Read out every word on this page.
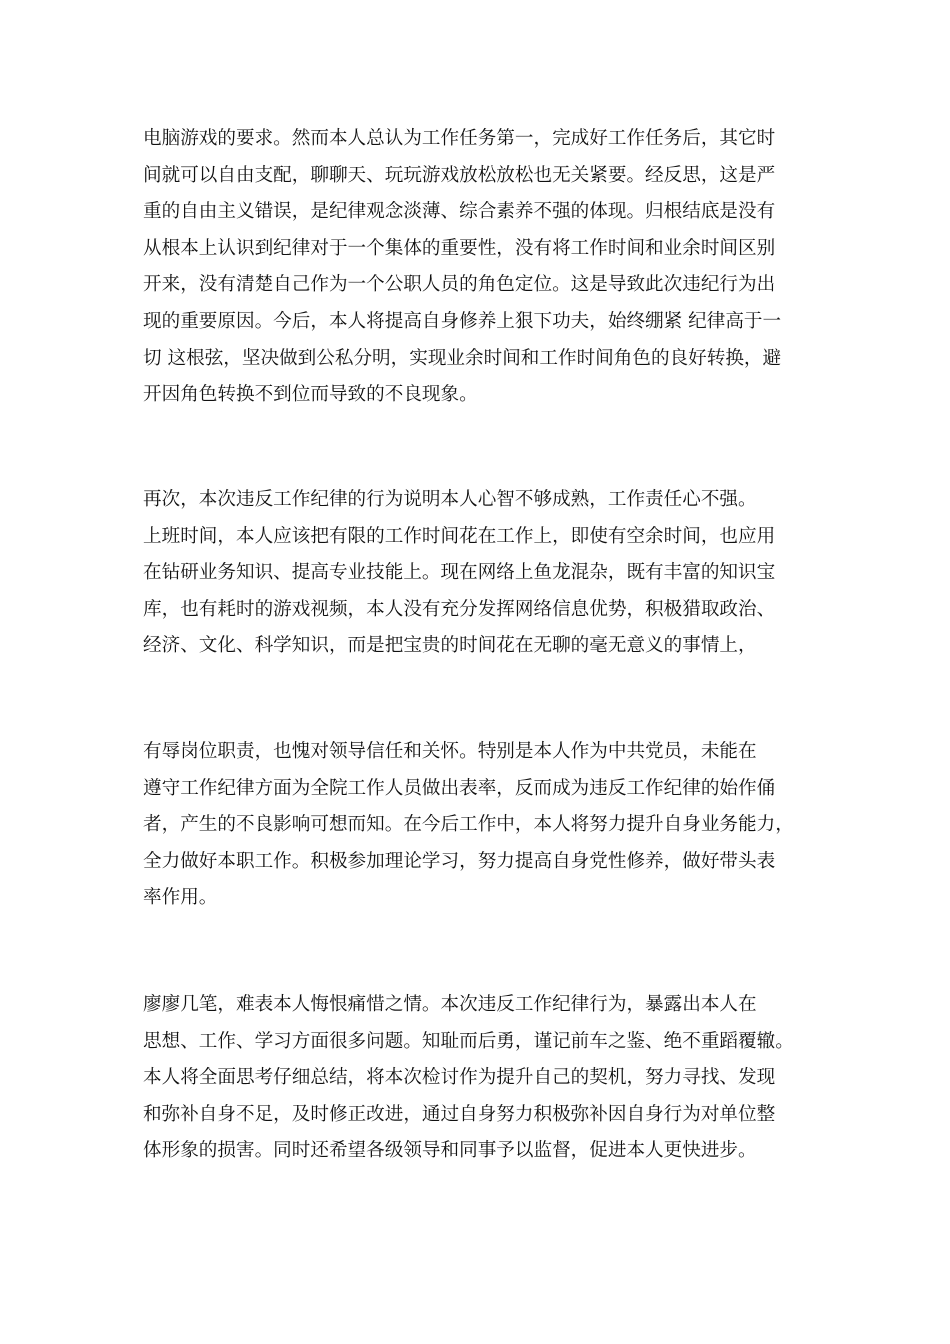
电脑游戏的要求。然而本人总认为工作任务第一，完成好工作任务后，其它时
间就可以自由支配，聊聊天、玩玩游戏放松放松也无关紧要。经反思，这是严
重的自由主义错误，是纪律观念淡薄、综合素养不强的体现。归根结底是没有
从根本上认识到纪律对于一个集体的重要性，没有将工作时间和业余时间区别
开来，没有清楚自己作为一个公职人员的角色定位。这是导致此次违纪行为出
现的重要原因。今后，本人将提高自身修养上狠下功夫，始终绷紧 纪律高于一
切 这根弦，坚决做到公私分明，实现业余时间和工作时间角色的良好转换，避
开因角色转换不到位而导致的不良现象。
再次，本次违反工作纪律的行为说明本人心智不够成熟，工作责任心不强。
上班时间，本人应该把有限的工作时间花在工作上，即使有空余时间，也应用
在钻研业务知识、提高专业技能上。现在网络上鱼龙混杂，既有丰富的知识宝
库，也有耗时的游戏视频，本人没有充分发挥网络信息优势，积极猎取政治、
经济、文化、科学知识，而是把宝贵的时间花在无聊的毫无意义的事情上，
有辱岗位职责，也愧对领导信任和关怀。特别是本人作为中共党员，未能在
遵守工作纪律方面为全院工作人员做出表率，反而成为违反工作纪律的始作俑
者，产生的不良影响可想而知。在今后工作中，本人将努力提升自身业务能力，
全力做好本职工作。积极参加理论学习，努力提高自身党性修养，做好带头表
率作用。
廖廖几笔，难表本人悔恨痛惜之情。本次违反工作纪律行为，暴露出本人在
思想、工作、学习方面很多问题。知耻而后勇，谨记前车之鉴、绝不重蹈覆辙。
本人将全面思考仔细总结，将本次检讨作为提升自己的契机，努力寻找、发现
和弥补自身不足，及时修正改进，通过自身努力积极弥补因自身行为对单位整
体形象的损害。同时还希望各级领导和同事予以监督，促进本人更快进步。
